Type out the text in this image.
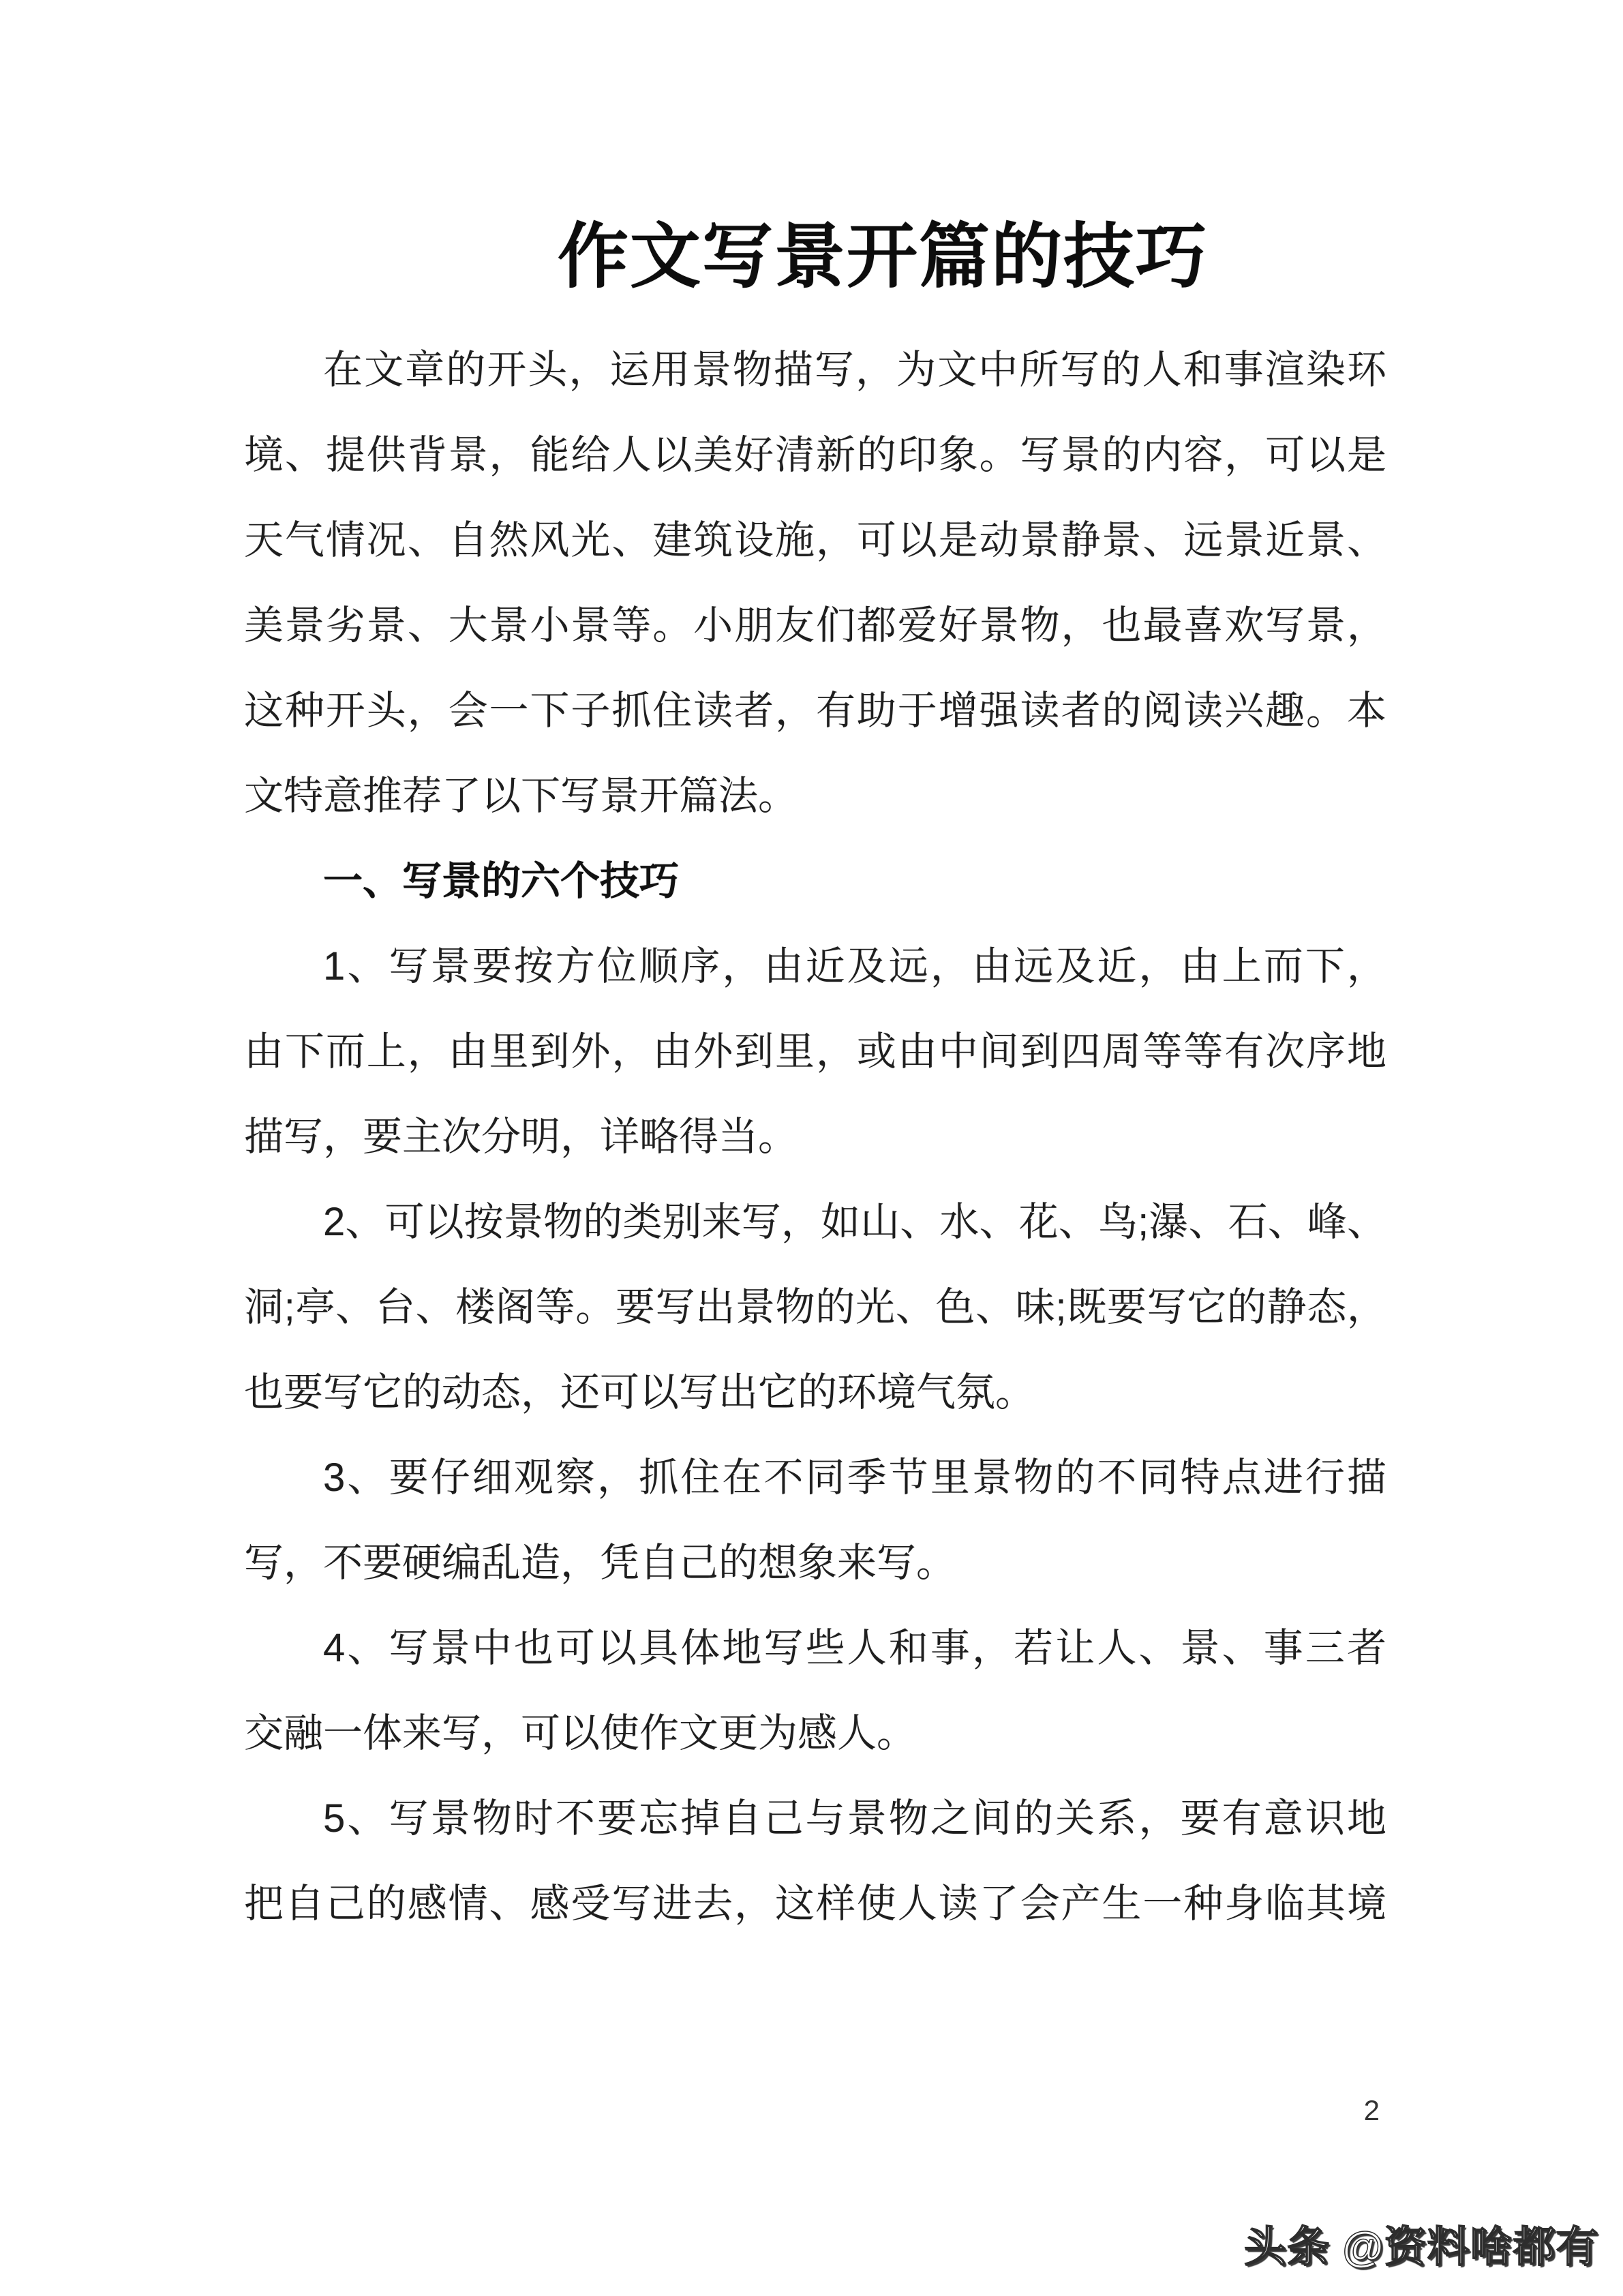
作文写景开篇的技巧
在文章的开头，运用景物描写，为文中所写的人和事渲染环
境、提供背景，能给人以美好清新的印象。写景的内容，可以是
天气情况、自然风光、建筑设施，可以是动景静景、远景近景、
美景劣景、大景小景等。小朋友们都爱好景物，也最喜欢写景，
这种开头，会一下子抓住读者，有助于增强读者的阅读兴趣。本
文特意推荐了以下写景开篇法。
一、写景的六个技巧
1、写景要按方位顺序，由近及远，由远及近，由上而下，
由下而上，由里到外，由外到里，或由中间到四周等等有次序地
描写，要主次分明，详略得当。
2、可以按景物的类别来写，如山、水、花、鸟;瀑、石、峰、
洞;亭、台、楼阁等。要写出景物的光、色、味;既要写它的静态，
也要写它的动态，还可以写出它的环境气氛。
3、要仔细观察，抓住在不同季节里景物的不同特点进行描
写，不要硬编乱造，凭自己的想象来写。
4、写景中也可以具体地写些人和事，若让人、景、事三者
交融一体来写，可以使作文更为感人。
5、写景物时不要忘掉自己与景物之间的关系，要有意识地
把自己的感情、感受写进去，这样使人读了会产生一种身临其境
2
头条 @资料啥都有
